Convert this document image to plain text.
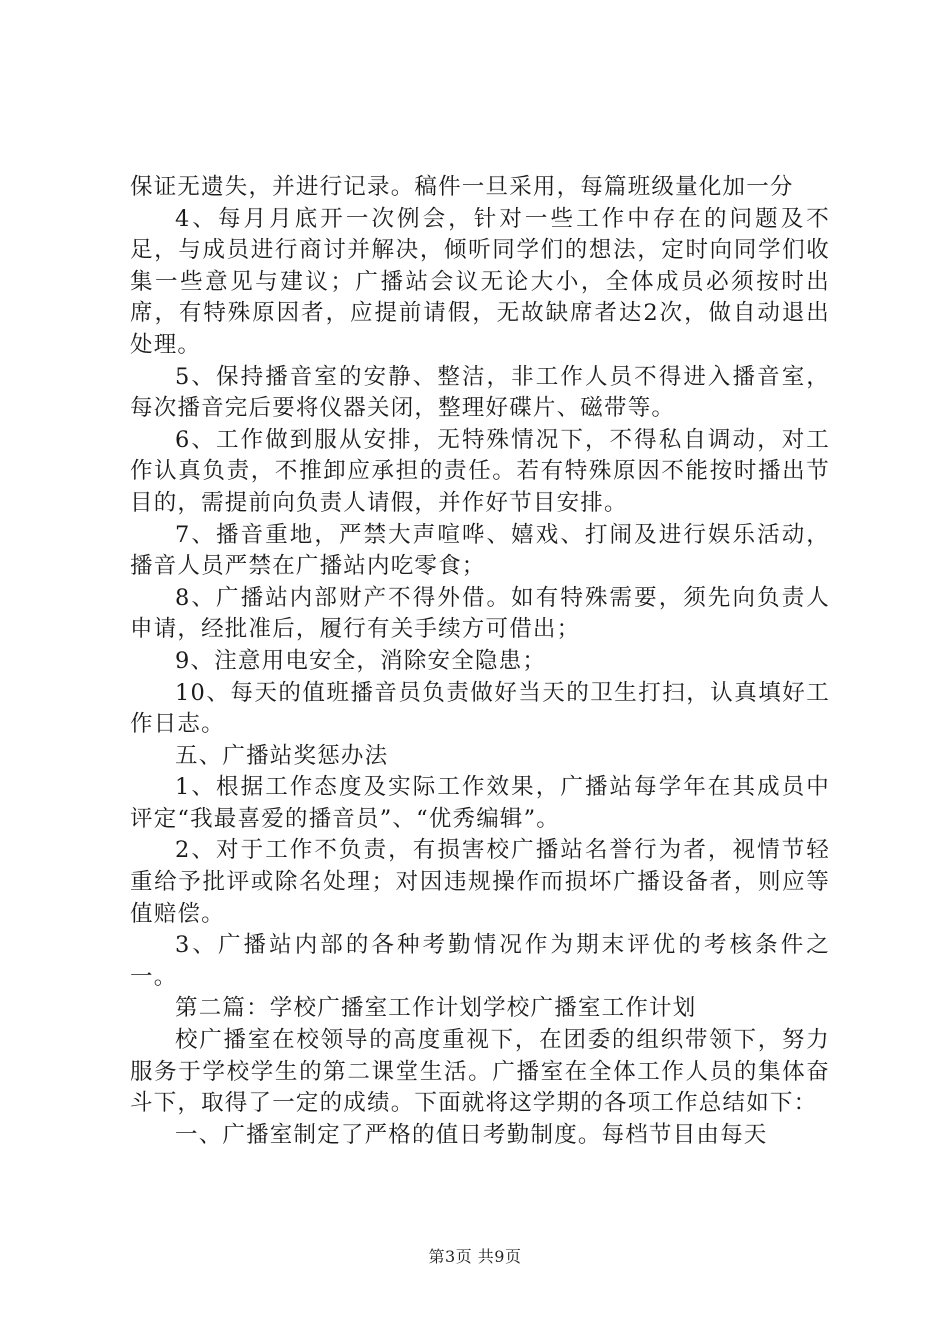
保证无遗失，并进行记录。稿件一旦采用，每篇班级量化加一分

4、每月月底开一次例会，针对一些工作中存在的问题及不足，与成员进行商讨并解决，倾听同学们的想法，定时向同学们收集一些意见与建议；广播站会议无论大小，全体成员必须按时出席，有特殊原因者，应提前请假，无故缺席者达2次，做自动退出处理。

5、保持播音室的安静、整洁，非工作人员不得进入播音室，每次播音完后要将仪器关闭，整理好碟片、磁带等。

6、工作做到服从安排，无特殊情况下，不得私自调动，对工作认真负责，不推卸应承担的责任。若有特殊原因不能按时播出节目的，需提前向负责人请假，并作好节目安排。

7、播音重地，严禁大声喧哗、嬉戏、打闹及进行娱乐活动，播音人员严禁在广播站内吃零食；

8、广播站内部财产不得外借。如有特殊需要，须先向负责人申请，经批准后，履行有关手续方可借出；

9、注意用电安全，消除安全隐患；

10、每天的值班播音员负责做好当天的卫生打扫，认真填好工作日志。

五、广播站奖惩办法

1、根据工作态度及实际工作效果，广播站每学年在其成员中评定“我最喜爱的播音员”、“优秀编辑”。

2、对于工作不负责，有损害校广播站名誉行为者，视情节轻重给予批评或除名处理；对因违规操作而损坏广播设备者，则应等值赔偿。

3、广播站内部的各种考勤情况作为期末评优的考核条件之一。

第二篇：学校广播室工作计划学校广播室工作计划

校广播室在校领导的高度重视下，在团委的组织带领下，努力服务于学校学生的第二课堂生活。广播室在全体工作人员的集体奋斗下，取得了一定的成绩。下面就将这学期的各项工作总结如下：

一、广播室制定了严格的值日考勤制度。每档节目由每天

第3页 共9页
